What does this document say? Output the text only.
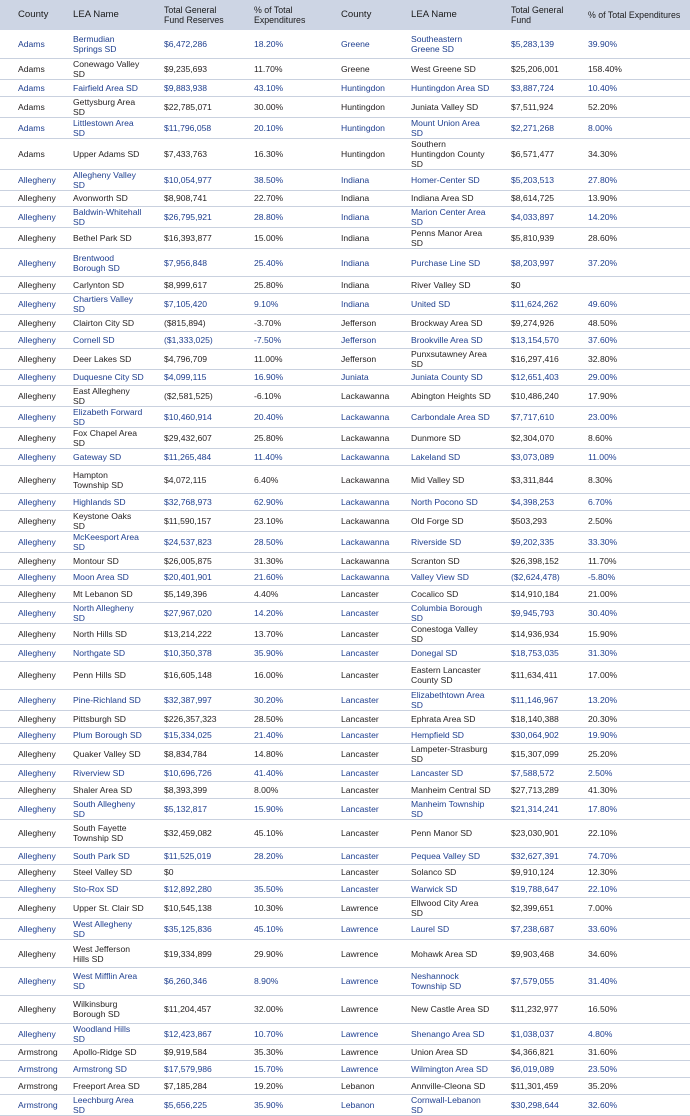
County	LEA Name	Total General Fund Reserves	% of Total Expenditures	County	LEA Name	Total General Fund	% of Total Expenditures
Adams	Bermudian Springs SD	$6,472,286	18.20%	Greene	Southeastern Greene SD	$5,283,139	39.90%
Adams	Conewago Valley SD	$9,235,693	11.70%	Greene	West Greene SD	$25,206,001	158.40%
Adams	Fairfield Area SD	$9,883,938	43.10%	Huntingdon	Huntingdon Area SD	$3,887,724	10.40%
Adams	Gettysburg Area SD	$22,785,071	30.00%	Huntingdon	Juniata Valley SD	$7,511,924	52.20%
Adams	Littlestown Area SD	$11,796,058	20.10%	Huntingdon	Mount Union Area SD	$2,271,268	8.00%
Adams	Upper Adams SD	$7,433,763	16.30%	Huntingdon	Southern Huntingdon County SD	$6,571,477	34.30%
Allegheny	Allegheny Valley SD	$10,054,977	38.50%	Indiana	Homer-Center SD	$5,203,513	27.80%
Allegheny	Avonworth SD	$8,908,741	22.70%	Indiana	Indiana Area SD	$8,614,725	13.90%
Allegheny	Baldwin-Whitehall SD	$26,795,921	28.80%	Indiana	Marion Center Area SD	$4,033,897	14.20%
Allegheny	Bethel Park SD	$16,393,877	15.00%	Indiana	Penns Manor Area SD	$5,810,939	28.60%
Allegheny	Brentwood Borough SD	$7,956,848	25.40%	Indiana	Purchase Line SD	$8,203,997	37.20%
Allegheny	Carlynton SD	$8,999,617	25.80%	Indiana	River Valley SD	$0	
Allegheny	Chartiers Valley SD	$7,105,420	9.10%	Indiana	United SD	$11,624,262	49.60%
Allegheny	Clairton City SD	($815,894)	-3.70%	Jefferson	Brockway Area SD	$9,274,926	48.50%
Allegheny	Cornell SD	($1,333,025)	-7.50%	Jefferson	Brookville Area SD	$13,154,570	37.60%
Allegheny	Deer Lakes SD	$4,796,709	11.00%	Jefferson	Punxsutawney Area SD	$16,297,416	32.80%
Allegheny	Duquesne City SD	$4,099,115	16.90%	Juniata	Juniata County SD	$12,651,403	29.00%
Allegheny	East Allegheny SD	($2,581,525)	-6.10%	Lackawanna	Abington Heights SD	$10,486,240	17.90%
Allegheny	Elizabeth Forward SD	$10,460,914	20.40%	Lackawanna	Carbondale Area SD	$7,717,610	23.00%
Allegheny	Fox Chapel Area SD	$29,432,607	25.80%	Lackawanna	Dunmore SD	$2,304,070	8.60%
Allegheny	Gateway SD	$11,265,484	11.40%	Lackawanna	Lakeland SD	$3,073,089	11.00%
Allegheny	Hampton Township SD	$4,072,115	6.40%	Lackawanna	Mid Valley SD	$3,311,844	8.30%
Allegheny	Highlands SD	$32,768,973	62.90%	Lackawanna	North Pocono SD	$4,398,253	6.70%
Allegheny	Keystone Oaks SD	$11,590,157	23.10%	Lackawanna	Old Forge SD	$503,293	2.50%
Allegheny	McKeesport Area SD	$24,537,823	28.50%	Lackawanna	Riverside SD	$9,202,335	33.30%
Allegheny	Montour SD	$26,005,875	31.30%	Lackawanna	Scranton SD	$26,398,152	11.70%
Allegheny	Moon Area SD	$20,401,901	21.60%	Lackawanna	Valley View SD	($2,624,478)	-5.80%
Allegheny	Mt Lebanon SD	$5,149,396	4.40%	Lancaster	Cocalico SD	$14,910,184	21.00%
Allegheny	North Allegheny SD	$27,967,020	14.20%	Lancaster	Columbia Borough SD	$9,945,793	30.40%
Allegheny	North Hills SD	$13,214,222	13.70%	Lancaster	Conestoga Valley SD	$14,936,934	15.90%
Allegheny	Northgate SD	$10,350,378	35.90%	Lancaster	Donegal SD	$18,753,035	31.30%
Allegheny	Penn Hills SD	$16,605,148	16.00%	Lancaster	Eastern Lancaster County SD	$11,634,411	17.00%
Allegheny	Pine-Richland SD	$32,387,997	30.20%	Lancaster	Elizabethtown Area SD	$11,146,967	13.20%
Allegheny	Pittsburgh SD	$226,357,323	28.50%	Lancaster	Ephrata Area SD	$18,140,388	20.30%
Allegheny	Plum Borough SD	$15,334,025	21.40%	Lancaster	Hempfield SD	$30,064,902	19.90%
Allegheny	Quaker Valley SD	$8,834,784	14.80%	Lancaster	Lampeter-Strasburg SD	$15,307,099	25.20%
Allegheny	Riverview SD	$10,696,726	41.40%	Lancaster	Lancaster SD	$7,588,572	2.50%
Allegheny	Shaler Area SD	$8,393,399	8.00%	Lancaster	Manheim Central SD	$27,713,289	41.30%
Allegheny	South Allegheny SD	$5,132,817	15.90%	Lancaster	Manheim Township SD	$21,314,241	17.80%
Allegheny	South Fayette Township SD	$32,459,082	45.10%	Lancaster	Penn Manor SD	$23,030,901	22.10%
Allegheny	South Park SD	$11,525,019	28.20%	Lancaster	Pequea Valley SD	$32,627,391	74.70%
Allegheny	Steel Valley SD	$0		Lancaster	Solanco SD	$9,910,124	12.30%
Allegheny	Sto-Rox SD	$12,892,280	35.50%	Lancaster	Warwick SD	$19,788,647	22.10%
Allegheny	Upper St. Clair SD	$10,545,138	10.30%	Lawrence	Ellwood City Area SD	$2,399,651	7.00%
Allegheny	West Allegheny SD	$35,125,836	45.10%	Lawrence	Laurel SD	$7,238,687	33.60%
Allegheny	West Jefferson Hills SD	$19,334,899	29.90%	Lawrence	Mohawk Area SD	$9,903,468	34.60%
Allegheny	West Mifflin Area SD	$6,260,346	8.90%	Lawrence	Neshannock Township SD	$7,579,055	31.40%
Allegheny	Wilkinsburg Borough SD	$11,204,457	32.00%	Lawrence	New Castle Area SD	$11,232,977	16.50%
Allegheny	Woodland Hills SD	$12,423,867	10.70%	Lawrence	Shenango Area SD	$1,038,037	4.80%
Armstrong	Apollo-Ridge SD	$9,919,584	35.30%	Lawrence	Union Area SD	$4,366,821	31.60%
Armstrong	Armstrong SD	$17,579,986	15.70%	Lawrence	Wilmington Area SD	$6,019,089	23.50%
Armstrong	Freeport Area SD	$7,185,284	19.20%	Lebanon	Annville-Cleona SD	$11,301,459	35.20%
Armstrong	Leechburg Area SD	$5,656,225	35.90%	Lebanon	Cornwall-Lebanon SD	$30,298,644	32.60%
